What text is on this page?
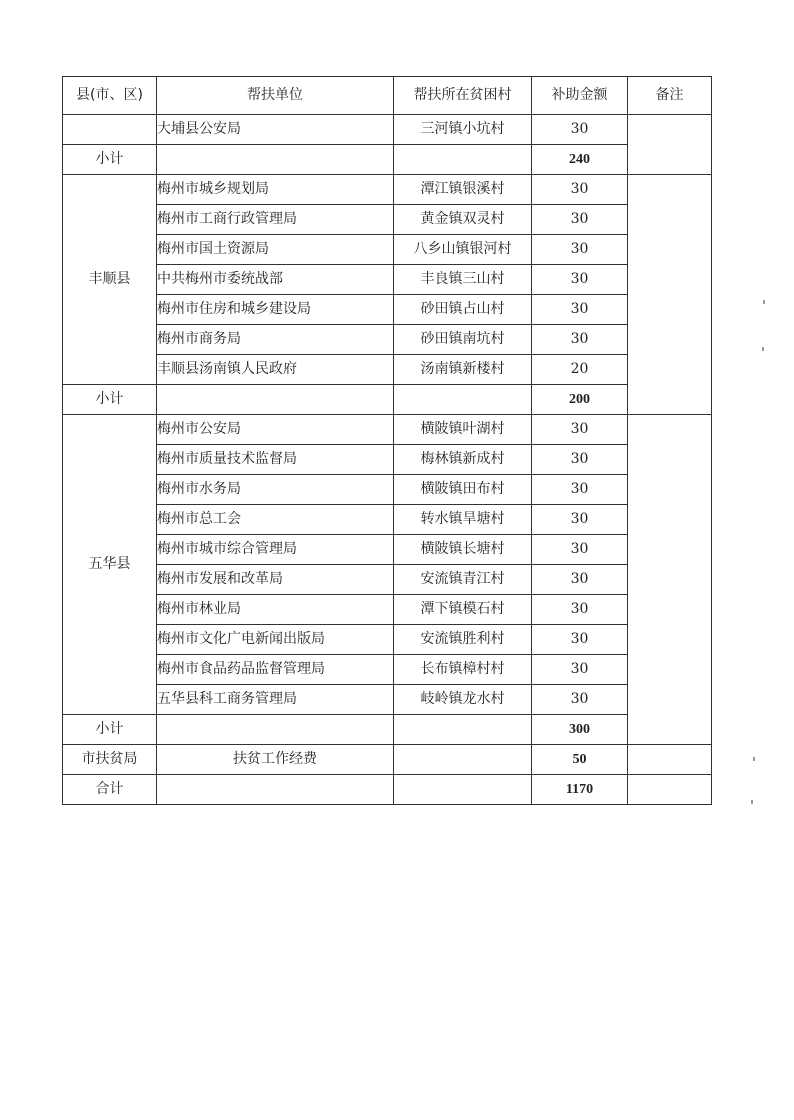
县(市、区)	帮扶单位	帮扶所在贫困村	补助金额	备注
	大埔县公安局	三河镇小坑村	30	
小计			240	
丰顺县	梅州市城乡规划局	潭江镇银溪村	30	
	梅州市工商行政管理局	黄金镇双灵村	30	
	梅州市国土资源局	八乡山镇银河村	30	
	中共梅州市委统战部	丰良镇三山村	30	
	梅州市住房和城乡建设局	砂田镇占山村	30	
	梅州市商务局	砂田镇南坑村	30	
	丰顺县汤南镇人民政府	汤南镇新楼村	20	
小计			200	
五华县	梅州市公安局	横陂镇叶湖村	30	
	梅州市质量技术监督局	梅林镇新成村	30	
	梅州市水务局	横陂镇田布村	30	
	梅州市总工会	转水镇旱塘村	30	
	梅州市城市综合管理局	横陂镇长塘村	30	
	梅州市发展和改革局	安流镇青江村	30	
	梅州市林业局	潭下镇模石村	30	
	梅州市文化广电新闻出版局	安流镇胜利村	30	
	梅州市食品药品监督管理局	长布镇樟村村	30	
	五华县科工商务管理局	岐岭镇龙水村	30	
小计			300	
市扶贫局	扶贫工作经费		50	
合计			1170	
